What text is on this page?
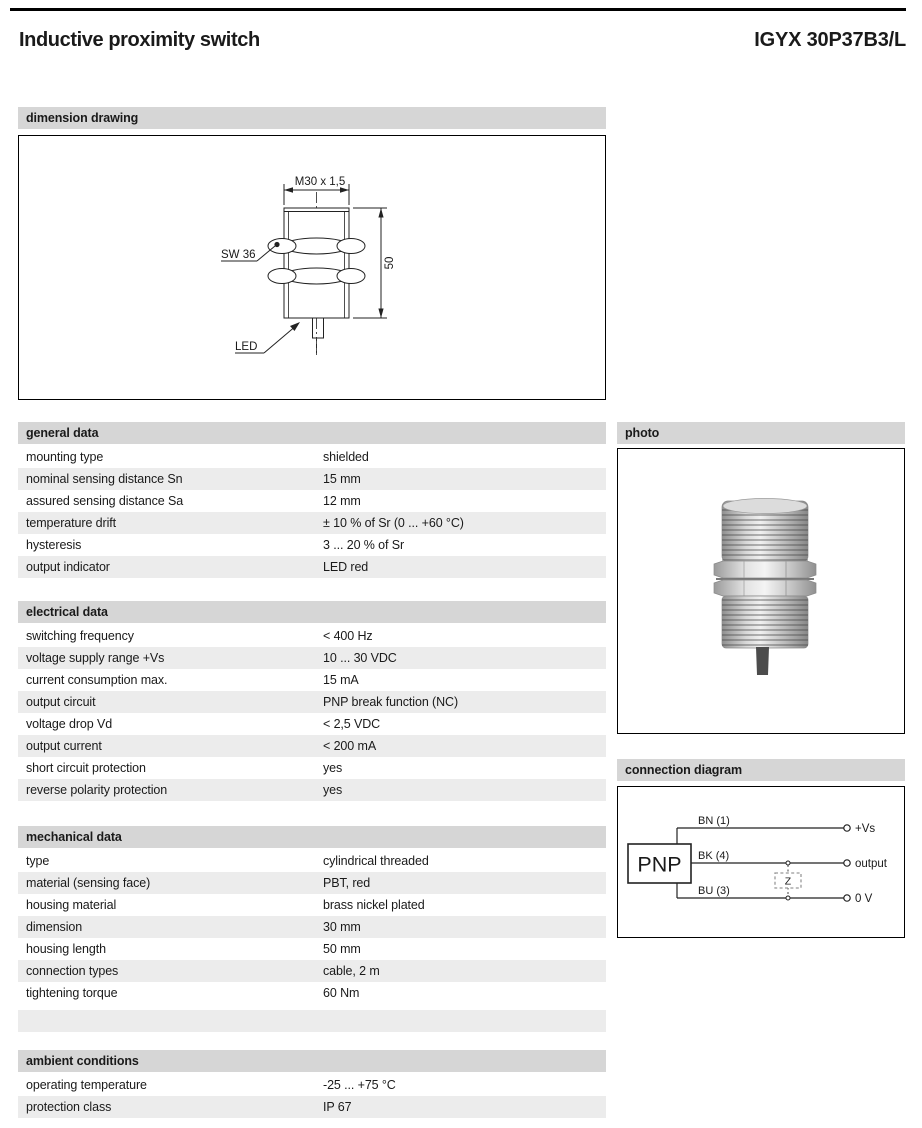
Inductive proximity switch	IGYX 30P37B3/L
dimension drawing
M30 x 1,5
SW 36
50
LED
general data
mounting type	shielded
nominal sensing distance Sn	15 mm
assured sensing distance Sa	12 mm
temperature drift	± 10 % of Sr (0 ... +60 °C)
hysteresis	3 ... 20 % of Sr
output indicator	LED red
electrical data
switching frequency	< 400 Hz
voltage supply range +Vs	10 ... 30 VDC
current consumption max.	15 mA
output circuit	PNP break function (NC)
voltage drop Vd	< 2,5 VDC
output current	< 200 mA
short circuit protection	yes
reverse polarity protection	yes
mechanical data
type	cylindrical threaded
material (sensing face)	PBT, red
housing material	brass nickel plated
dimension	30 mm
housing length	50 mm
connection types	cable, 2 m
tightening torque	60 Nm
ambient conditions
operating temperature	-25 ... +75 °C
protection class	IP 67
photo
connection diagram
Z
PNP
BN (1)
BK (4)
BU (3)
+Vs
output
0 V
